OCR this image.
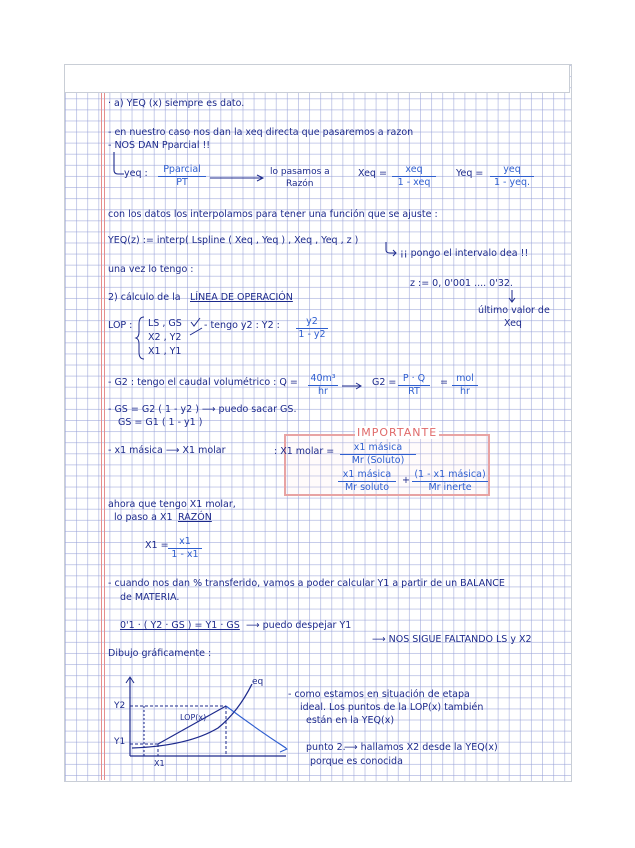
· a) YEQ (x) siempre es dato.
- en nuestro caso nos dan la xeq directa que pasaremos a razon
- NOS DAN Pparcial !!
yeq :	Pparcial
PT
lo pasamos a
Razón
Xeq =	xeq
1 - xeq
Yeq =	yeq
1 - yeq.
con los datos los interpolamos para tener una función que se ajuste :
YEQ(z) := interp( Lspline ( Xeq , Yeq ) , Xeq , Yeq , z )
¡¡ pongo el intervalo dea !!
una vez lo tengo :
z := 0, 0'001 .... 0'32.
último valor de
Xeq
2) cálculo de la LÍNEA DE OPERACIÓN
LOP : LS , GS
X2 , Y2
X1 , Y1
- tengo y2 : Y2 : $\frac{y2}{1 - y2}$
- G2 : tengo el caudal volumétrico : $Q = \frac{\text{40m³}}{hr}$	$G2 = \frac{P \cdot Q}{RT}$ = mol
hr
- GS = G2 ( 1 - y2 ) ⟶ puedo sacar GS.
GS = G1 ( 1 - y1 )
- x1 másica ⟶ X1 molar
IMPORTANTE
: X1 molar =	x1 másica
Mr (Soluto)
x1 másica
Mr soluto
+
(1 - x1 másica)
Mr inerte
ahora que tengo X1 molar,
lo paso a X1 RAZÓN
$X1 = \frac{x1}{1 - x1}$
- cuando nos dan % transferido, vamos a poder calcular Y1 a partir de un BALANCE
de MATERIA.
0'1 · ( Y2 · GS ) = Y1 · GS ⟶ puedo despejar Y1
⟶ NOS SIGUE FALTANDO LS y X2
Dibujo gráficamente :
eq
Y2
Y1
LOP(x)
X1
- como estamos en situación de etapa
ideal. Los puntos de la LOP(x) también
están en la YEQ(x)
punto 2.
⟶ hallamos X2 desde la YEQ(x)
porque es conocida
